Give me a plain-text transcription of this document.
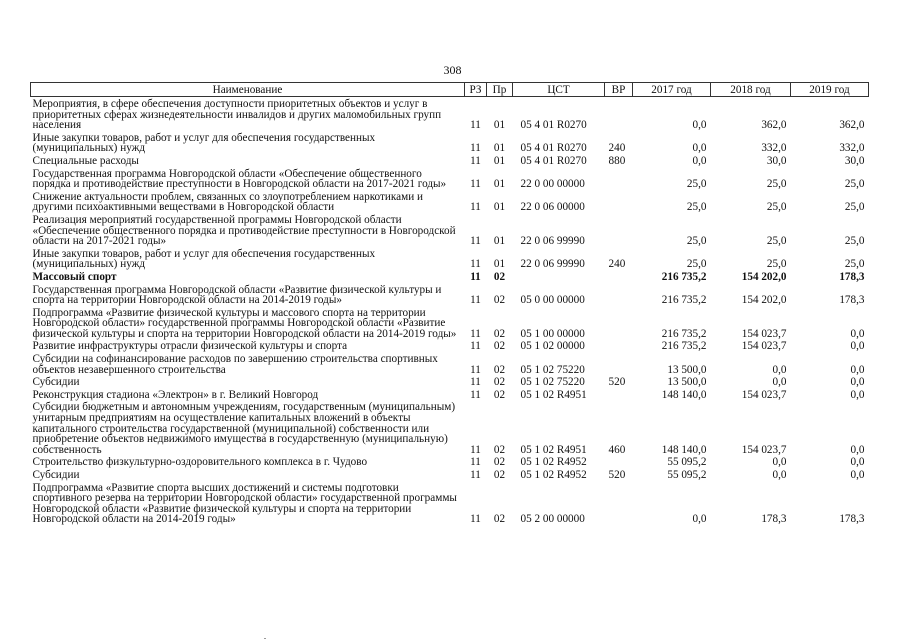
308
Наименование	РЗ	Пр	ЦСТ	ВР	2017 год	2018 год	2019 год
Мероприятия, в сфере обеспечения доступности приоритетных объектов и услуг в приоритетных сферах жизнедеятельности инвалидов и других маломобильных групп населения	11	01	05 4 01 R0270		0,0	362,0	362,0
Иные закупки товаров, работ и услуг для обеспечения государственных (муниципальных) нужд	11	01	05 4 01 R0270	240	0,0	332,0	332,0
Специальные расходы	11	01	05 4 01 R0270	880	0,0	30,0	30,0
Государственная программа Новгородской области «Обеспечение общественного порядка и противодействие преступности в Новгородской области на 2017-2021 годы»	11	01	22 0 00 00000		25,0	25,0	25,0
Снижение актуальности проблем, связанных со злоупотреблением наркотиками и другими психоактивными веществами в Новгородской области	11	01	22 0 06 00000		25,0	25,0	25,0
Реализация мероприятий государственной программы Новгородской области «Обеспечение общественного порядка и противодействие преступности в Новгородской области на 2017-2021 годы»	11	01	22 0 06 99990		25,0	25,0	25,0
Иные закупки товаров, работ и услуг для обеспечения государственных (муниципальных) нужд	11	01	22 0 06 99990	240	25,0	25,0	25,0
Массовый спорт	11	02			216 735,2	154 202,0	178,3
Государственная программа Новгородской области «Развитие физической культуры и спорта на территории Новгородской области на 2014-2019 годы»	11	02	05 0 00 00000		216 735,2	154 202,0	178,3
Подпрограмма «Развитие физической культуры и массового спорта на территории Новгородской области» государственной программы Новгородской области «Развитие физической культуры и спорта на территории Новгородской области на 2014-2019 годы»	11	02	05 1 00 00000		216 735,2	154 023,7	0,0
Развитие инфраструктуры отрасли физической культуры и спорта	11	02	05 1 02 00000		216 735,2	154 023,7	0,0
Субсидии на софинансирование расходов по завершению строительства спортивных объектов незавершенного строительства	11	02	05 1 02 75220		13 500,0	0,0	0,0
Субсидии	11	02	05 1 02 75220	520	13 500,0	0,0	0,0
Реконструкция стадиона «Электрон» в г. Великий Новгород	11	02	05 1 02 R4951		148 140,0	154 023,7	0,0
Субсидии бюджетным и автономным учреждениям, государственным (муниципальным) унитарным предприятиям на осуществление капитальных вложений в объекты капитального строительства государственной (муниципальной) собственности или приобретение объектов недвижимого имущества в государственную (муниципальную) собственность	11	02	05 1 02 R4951	460	148 140,0	154 023,7	0,0
Строительство физкультурно-оздоровительного комплекса в г. Чудово	11	02	05 1 02 R4952		55 095,2	0,0	0,0
Субсидии	11	02	05 1 02 R4952	520	55 095,2	0,0	0,0
Подпрограмма «Развитие спорта высших достижений и системы подготовки спортивного резерва на территории Новгородской области» государственной программы Новгородской области «Развитие физической культуры и спорта на территории Новгородской области на 2014-2019 годы»	11	02	05 2 00 00000		0,0	178,3	178,3
